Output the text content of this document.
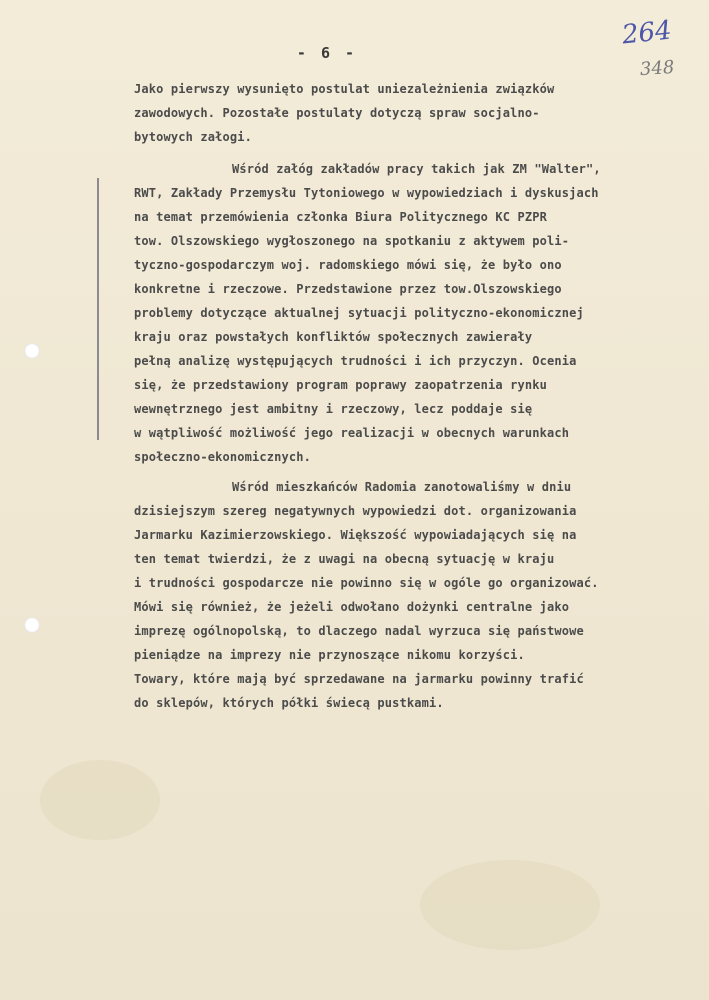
- 6 -
264
348
Jako pierwszy wysunięto postulat uniezależnienia związków
zawodowych. Pozostałe postulaty dotyczą spraw socjalno-
bytowych załogi.
Wśród załóg zakładów pracy takich jak ZM "Walter",
RWT, Zakłady Przemysłu Tytoniowego w wypowiedziach i dyskusjach
na temat przemówienia członka Biura Politycznego KC PZPR
tow. Olszowskiego wygłoszonego na spotkaniu z aktywem poli-
tyczno-gospodarczym woj. radomskiego mówi się, że było ono
konkretne i rzeczowe. Przedstawione przez tow.Olszowskiego
problemy dotyczące aktualnej sytuacji polityczno-ekonomicznej
kraju oraz powstałych konfliktów społecznych zawierały
pełną analizę występujących trudności i ich przyczyn. Ocenia
się, że przedstawiony program poprawy zaopatrzenia rynku
wewnętrznego jest ambitny i rzeczowy, lecz poddaje się
w wątpliwość możliwość jego realizacji w obecnych warunkach
społeczno-ekonomicznych.
Wśród mieszkańców Radomia zanotowaliśmy w dniu
dzisiejszym szereg negatywnych wypowiedzi dot. organizowania
Jarmarku Kazimierzowskiego. Większość wypowiadających się na
ten temat twierdzi, że z uwagi na obecną sytuację w kraju
i trudności gospodarcze nie powinno się w ogóle go organizować.
Mówi się również, że jeżeli odwołano dożynki centralne jako
imprezę ogólnopolską, to dlaczego nadal wyrzuca się państwowe
pieniądze na imprezy nie przynoszące nikomu korzyści.
Towary, które mają być sprzedawane na jarmarku powinny trafić
do sklepów, których półki świecą pustkami.
